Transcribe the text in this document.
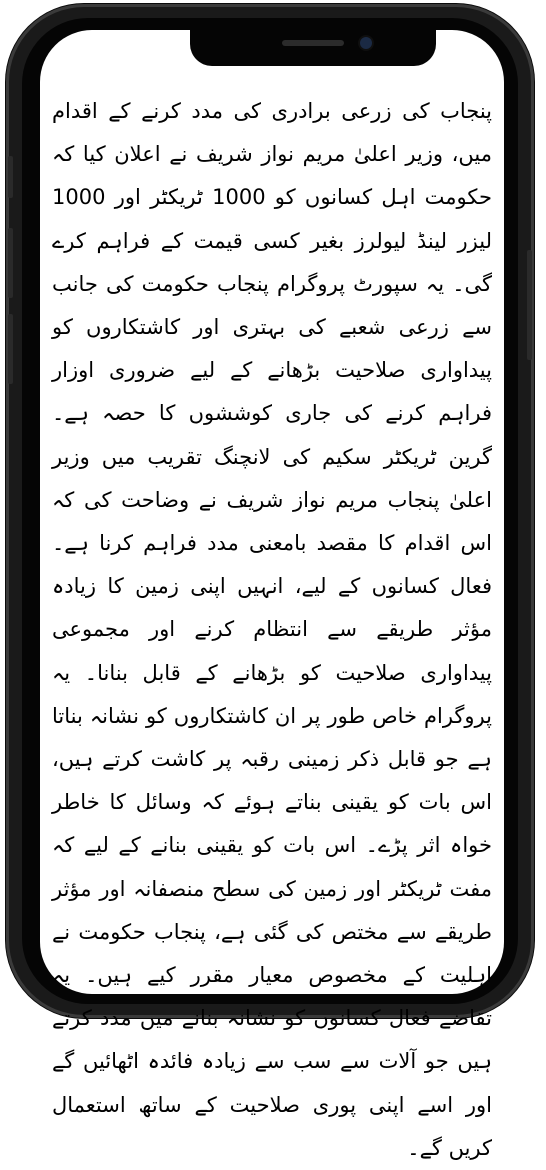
پنجاب کی زرعی برادری کی مدد کرنے کے اقدام میں، وزیر اعلیٰ مریم نواز شریف نے اعلان کیا کہ حکومت اہل کسانوں کو 1000 ٹریکٹر اور 1000 لیزر لینڈ لیولرز بغیر کسی قیمت کے فراہم کرے گی۔ یہ سپورٹ پروگرام پنجاب حکومت کی جانب سے زرعی شعبے کی بہتری اور کاشتکاروں کو پیداواری صلاحیت بڑھانے کے لیے ضروری اوزار فراہم کرنے کی جاری کوششوں کا حصہ ہے۔ گرین ٹریکٹر سکیم کی لانچنگ تقریب میں وزیر اعلیٰ پنجاب مریم نواز شریف نے وضاحت کی کہ اس اقدام کا مقصد بامعنی مدد فراہم کرنا ہے۔ فعال کسانوں کے لیے، انہیں اپنی زمین کا زیادہ مؤثر طریقے سے انتظام کرنے اور مجموعی پیداواری صلاحیت کو بڑھانے کے قابل بنانا۔ یہ پروگرام خاص طور پر ان کاشتکاروں کو نشانہ بناتا ہے جو قابل ذکر زمینی رقبہ پر کاشت کرتے ہیں، اس بات کو یقینی بناتے ہوئے کہ وسائل کا خاطر خواہ اثر پڑے۔ اس بات کو یقینی بنانے کے لیے کہ مفت ٹریکٹر اور زمین کی سطح منصفانہ اور مؤثر طریقے سے مختص کی گئی ہے، پنجاب حکومت نے اہلیت کے مخصوص معیار مقرر کیے ہیں۔ یہ تقاضے فعال کسانوں کو نشانہ بنانے میں مدد کرتے ہیں جو آلات سے سب سے زیادہ فائدہ اٹھائیں گے اور اسے اپنی پوری صلاحیت کے ساتھ استعمال کریں گے۔
